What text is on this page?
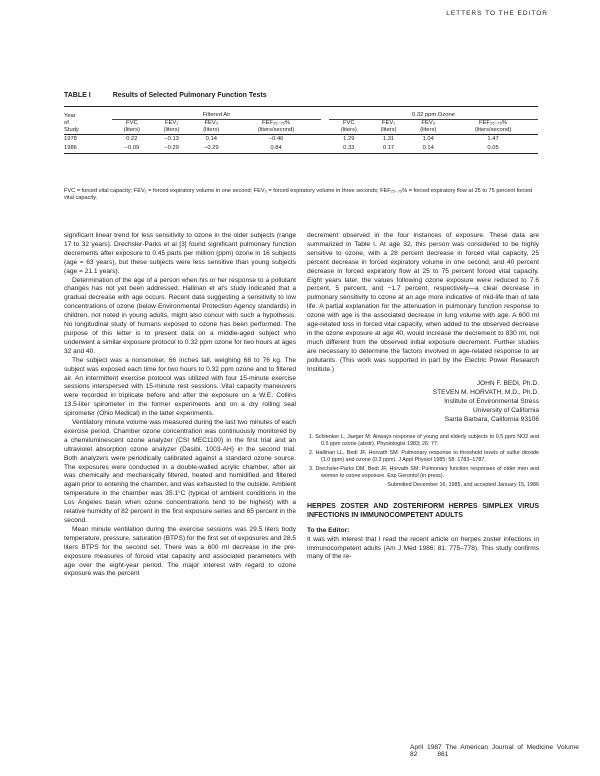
LETTERS TO THE EDITOR
TABLE I	Results of Selected Pulmonary Function Tests
Year
of
Study	Filtered Air					0.32 ppm Ozone			
	FVC	FEV₁	FEV₃	FEF₂₅₋₇₅%		FVC	FEV₁	FEV₃	FEF₂₅₋₇₅%
	(liters)	(liters)	(liters)	(liters/second)		(liters)	(liters)	(liters)	(liters/second)
1978	0.22	−0.13	0.14	−0.46		1.29	1.31	1.04	1.47
1986	−0.09	−0.29	−0.29	0.84		0.33	0.17	0.14	0.05
FVC = forced vital capacity; FEV₁ = forced expiratory volume in one second; FEV₃ = forced expiratory volume in three seconds; FEF₂₅₋₇₅% = forced expiratory flow at 25 to 75 percent forced vital capacity.

significant linear trend for less sensitivity to ozone in the older subjects (range 17 to 32 years). Drechsler-Parks et al [3] found significant pulmonary function decrements after exposure to 0.45 parts per million (ppm) ozone in 16 subjects (age = 63 years), but these subjects were less sensitive than young subjects (age = 21.1 years).

Determination of the age of a person when his or her response to a pollutant changes has not yet been addressed. Hallinan et al's study indicated that a gradual decrease with age occurs. Recent data suggesting a sensitivity to low concentrations of ozone (below Environmental Protection Agency standards) in children, not noted in young adults, might also concur with such a hypothesis. No longitudinal study of humans exposed to ozone has been performed. The purpose of this letter is to present data on a middle-aged subject who underwent a similar exposure protocol to 0.32 ppm ozone for two hours at ages 32 and 40.

The subject was a nonsmoker, 66 inches tall, weighing 68 to 76 kg. The subject was exposed each time for two hours to 0.32 ppm ozone and to filtered air. An intermittent exercise protocol was utilized with four 15-minute exercise sessions interspersed with 15-minute rest sessions. Vital capacity maneuvers were recorded in triplicate before and after the exposure on a W.E. Collins 13.5-liter spirometer in the former experiments and on a dry rolling seal spirometer (Ohio Medical) in the latter experiments.

Ventilatory minute volume was measured during the last two minutes of each exercise period. Chamber ozone concentration was continuously monitored by a chemiluminescent ozone analyzer (CSI MEC1100) in the first trial and an ultraviolet absorption ozone analyzer (Dasibi, 1003-AH) in the second trial. Both analyzers were periodically calibrated against a standard ozone source. The exposures were conducted in a double-walled acrylic chamber, after air was chemically and mechanically filtered, heated and humidified and filtered again prior to entering the chamber, and was exhausted to the outside. Ambient temperature in the chamber was 35.1°C (typical of ambient conditions in the Los Angeles basin when ozone concentrations tend to be highest) with a relative humidity of 82 percent in the first exposure series and 65 percent in the second.

Mean minute ventilation during the exercise sessions was 29.5 liters body temperature, pressure, saturation (BTPS) for the first set of exposures and 28.5 liters BTPS for the second set. There was a 600 ml decrease in the pre-exposure measures of forced vital capacity and associated parameters with age over the eight-year period. The major interest with regard to ozone exposure was the percent

decrement observed in the four instances of exposure. These data are summarized in Table I. At age 32, this person was considered to be highly sensitive to ozone, with a 28 percent decrease in forced vital capacity, 25 percent decrease in forced expiratory volume in one second, and 40 percent decrease in forced expiratory flow at 25 to 75 percent forced vital capacity. Eight years later, the values following ozone exposure were reduced to 7.6 percent, 5 percent, and −1.7 percent, respectively—a clear decrease in pulmonary sensitivity to ozone at an age more indicative of mid-life than of late life. A partial explanation for the attenuation in pulmonary function response to ozone with age is the associated decrease in lung volume with age. A 600 ml age-related loss in forced vital capacity, when added to the observed decrease in the ozone exposure at age 40, would increase the decrement to 830 ml, not much different from the observed initial exposure decrement. Further studies are necessary to determine the factors involved in age-related response to air pollutants. (This work was supported in part by the Electric Power Research Institute.)

JOHN F. BEDI, Ph.D.
STEVEN M. HORVATH, M.D., Ph.D.
Institute of Environmental Stress
University of California
Santa Barbara, California 93106
1. Schlenker L, Jaeger M: Airways response of young and elderly subjects to 0.5 ppm NO2 and 0.5 ppm ozone (abstr). Physiologist 1983; 26: 77.
2. Hallinan LL, Bedi JF, Horvath SM: Pulmonary response to threshold levels of sulfur dioxide (1.0 ppm) and ozone (0.3 ppm). J Appl Physiol 1985; 58: 1783–1787.
3. Drechsler-Parks DM, Bedi JF, Horvath SM: Pulmonary function responses of older men and women to ozone exposure. Exp Gerontol (in press).
Submitted December 16, 1985, and accepted January 15, 1986
HERPES ZOSTER AND ZOSTERIFORM HERPES SIMPLEX VIRUS INFECTIONS IN IMMUNOCOMPETENT ADULTS
To the Editor:

It was with interest that I read the recent article on herpes zoster infections in immunocompetent adults (Am J Med 1986; 81: 775–778). This study confirms many of the re-

April 1987 The American Journal of Medicine Volume 82	861
